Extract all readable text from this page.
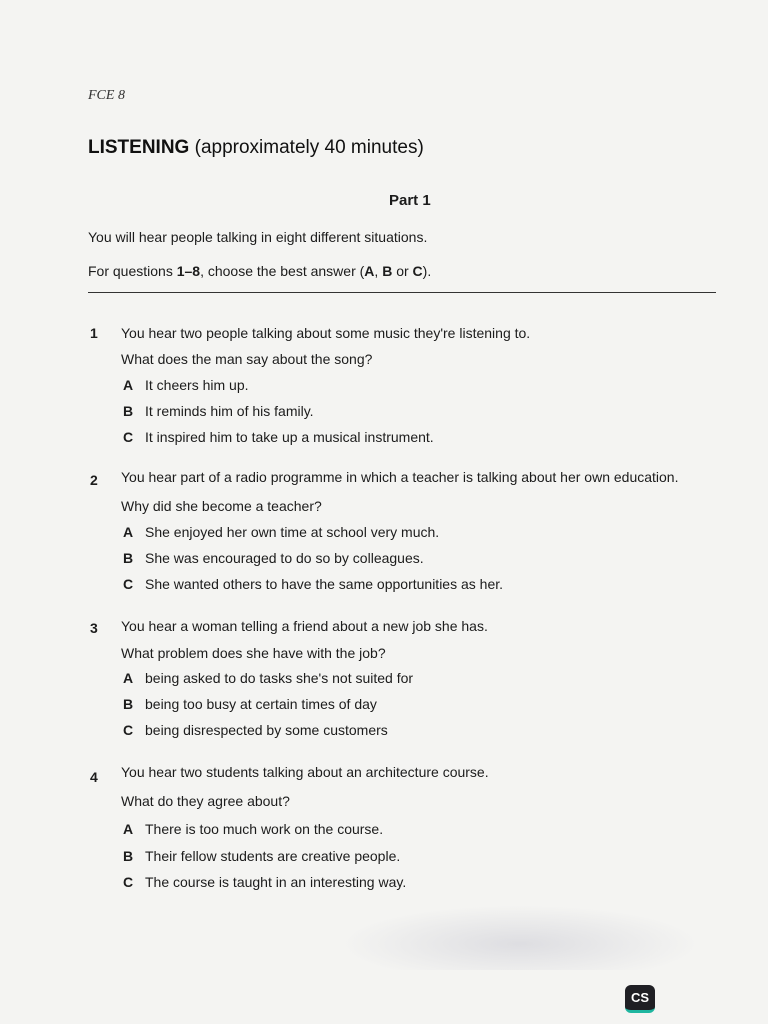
FCE 8
LISTENING (approximately 40 minutes)
Part 1
You will hear people talking in eight different situations.
For questions 1–8, choose the best answer (A, B or C).
1 You hear two people talking about some music they're listening to.
What does the man say about the song?
A It cheers him up.
B It reminds him of his family.
C It inspired him to take up a musical instrument.
2 You hear part of a radio programme in which a teacher is talking about her own education.
Why did she become a teacher?
A She enjoyed her own time at school very much.
B She was encouraged to do so by colleagues.
C She wanted others to have the same opportunities as her.
3 You hear a woman telling a friend about a new job she has.
What problem does she have with the job?
A being asked to do tasks she's not suited for
B being too busy at certain times of day
C being disrespected by some customers
4 You hear two students talking about an architecture course.
What do they agree about?
A There is too much work on the course.
B Their fellow students are creative people.
C The course is taught in an interesting way.
CS
